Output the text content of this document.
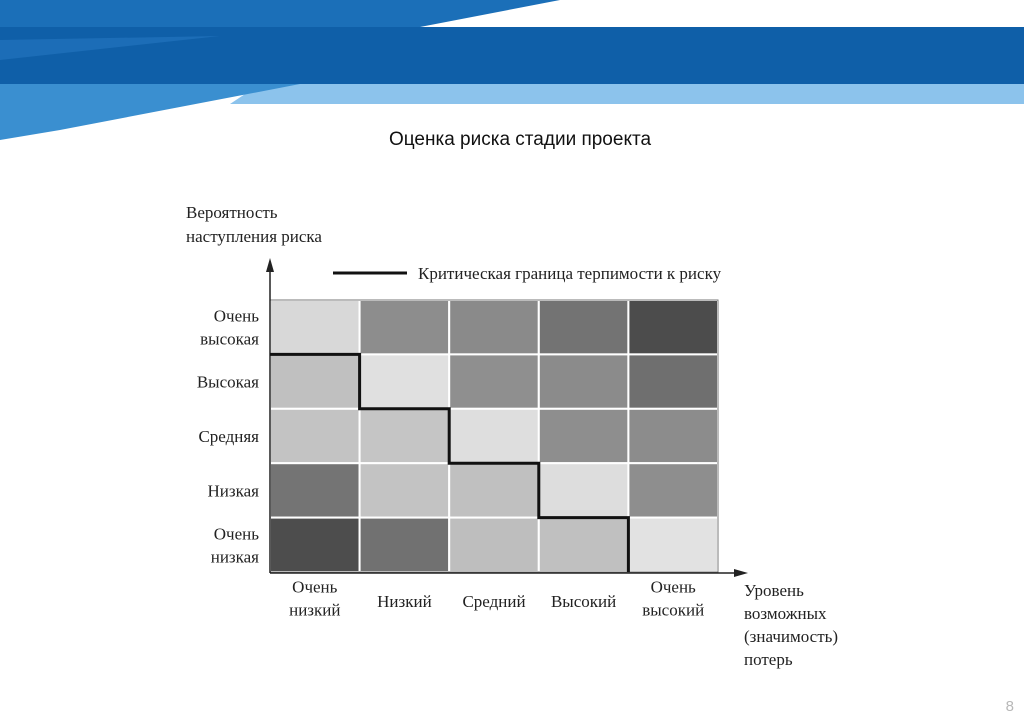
Оценка риска стадии проекта
Очень высокая
Высокая
Средняя
Низкая
Очень низкая
Очень низкий Низкий Средний Высокий
Очень высокий
Вероятность наступления риска
Уровень возможных (значимость) потерь
Критическая граница терпимости к риску
8
